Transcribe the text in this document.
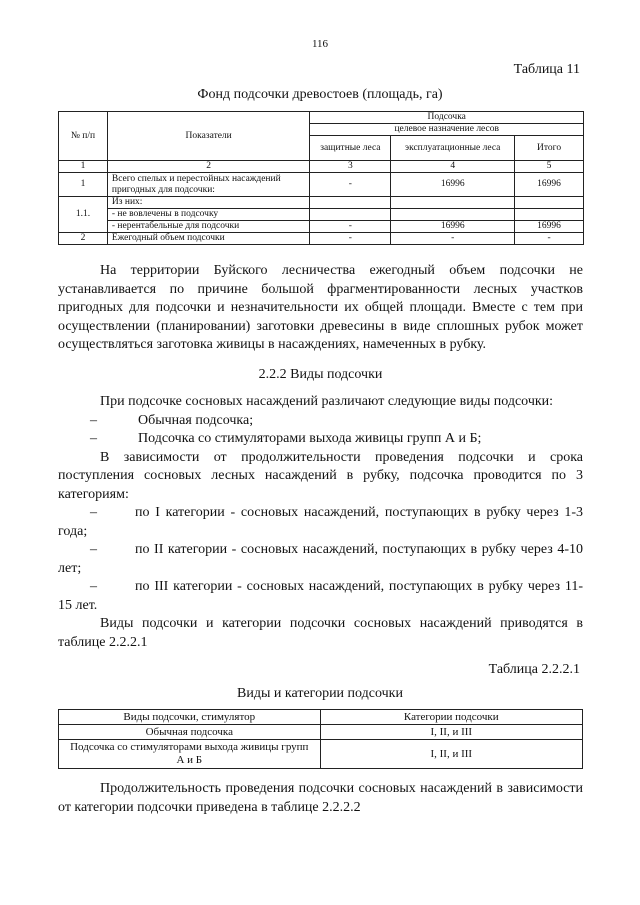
116
Таблица 11
Фонд подсочки древостоев (площадь, га)
№ п/п	Показатели	Подсочка		
		целевое назначение лесов		
		защитные леса	эксплуатационные леса	Итого
1	2	3	4	5
1	Всего спелых и перестойных насаждений пригодных для подсочки:	-	16996	16996
1.1.	Из них:			
	- не вовлечены в подсочку			
	- нерентабельные для подсочки	-	16996	16996
2	Ежегодный объем подсочки	-	-	-

На территории Буйского лесничества ежегодный объем подсочки не устанавливается по причине большой фрагментированности лесных участков пригодных для подсочки и незначительности их общей площади. Вместе с тем при осуществлении (планировании) заготовки древесины в виде сплошных рубок может осуществляться заготовка живицы в насаждениях, намеченных в рубку.

2.2.2 Виды подсочки

При подсочке сосновых насаждений различают следующие виды подсочки:

–	Обычная подсочка;

–	Подсочка со стимуляторами выхода живицы групп А и Б;

В зависимости от продолжительности проведения подсочки и срока поступления сосновых лесных насаждений в рубку, подсочка проводится по 3 категориям:

–	по I категории - сосновых насаждений, поступающих в рубку через 1-3 года;

–	по II категории - сосновых насаждений, поступающих в рубку через 4-10 лет;

–	по III категории - сосновых насаждений, поступающих в рубку через 11-15 лет.

Виды подсочки и категории подсочки сосновых насаждений приводятся в таблице 2.2.2.1

Таблица 2.2.2.1
Виды и категории подсочки
Виды подсочки, стимулятор	Категории подсочки
Обычная подсочка	I, II, и III
Подсочка со стимуляторами выхода живицы групп А и Б	I, II, и III

Продолжительность проведения подсочки сосновых насаждений в зависимости от категории подсочки приведена в таблице 2.2.2.2
